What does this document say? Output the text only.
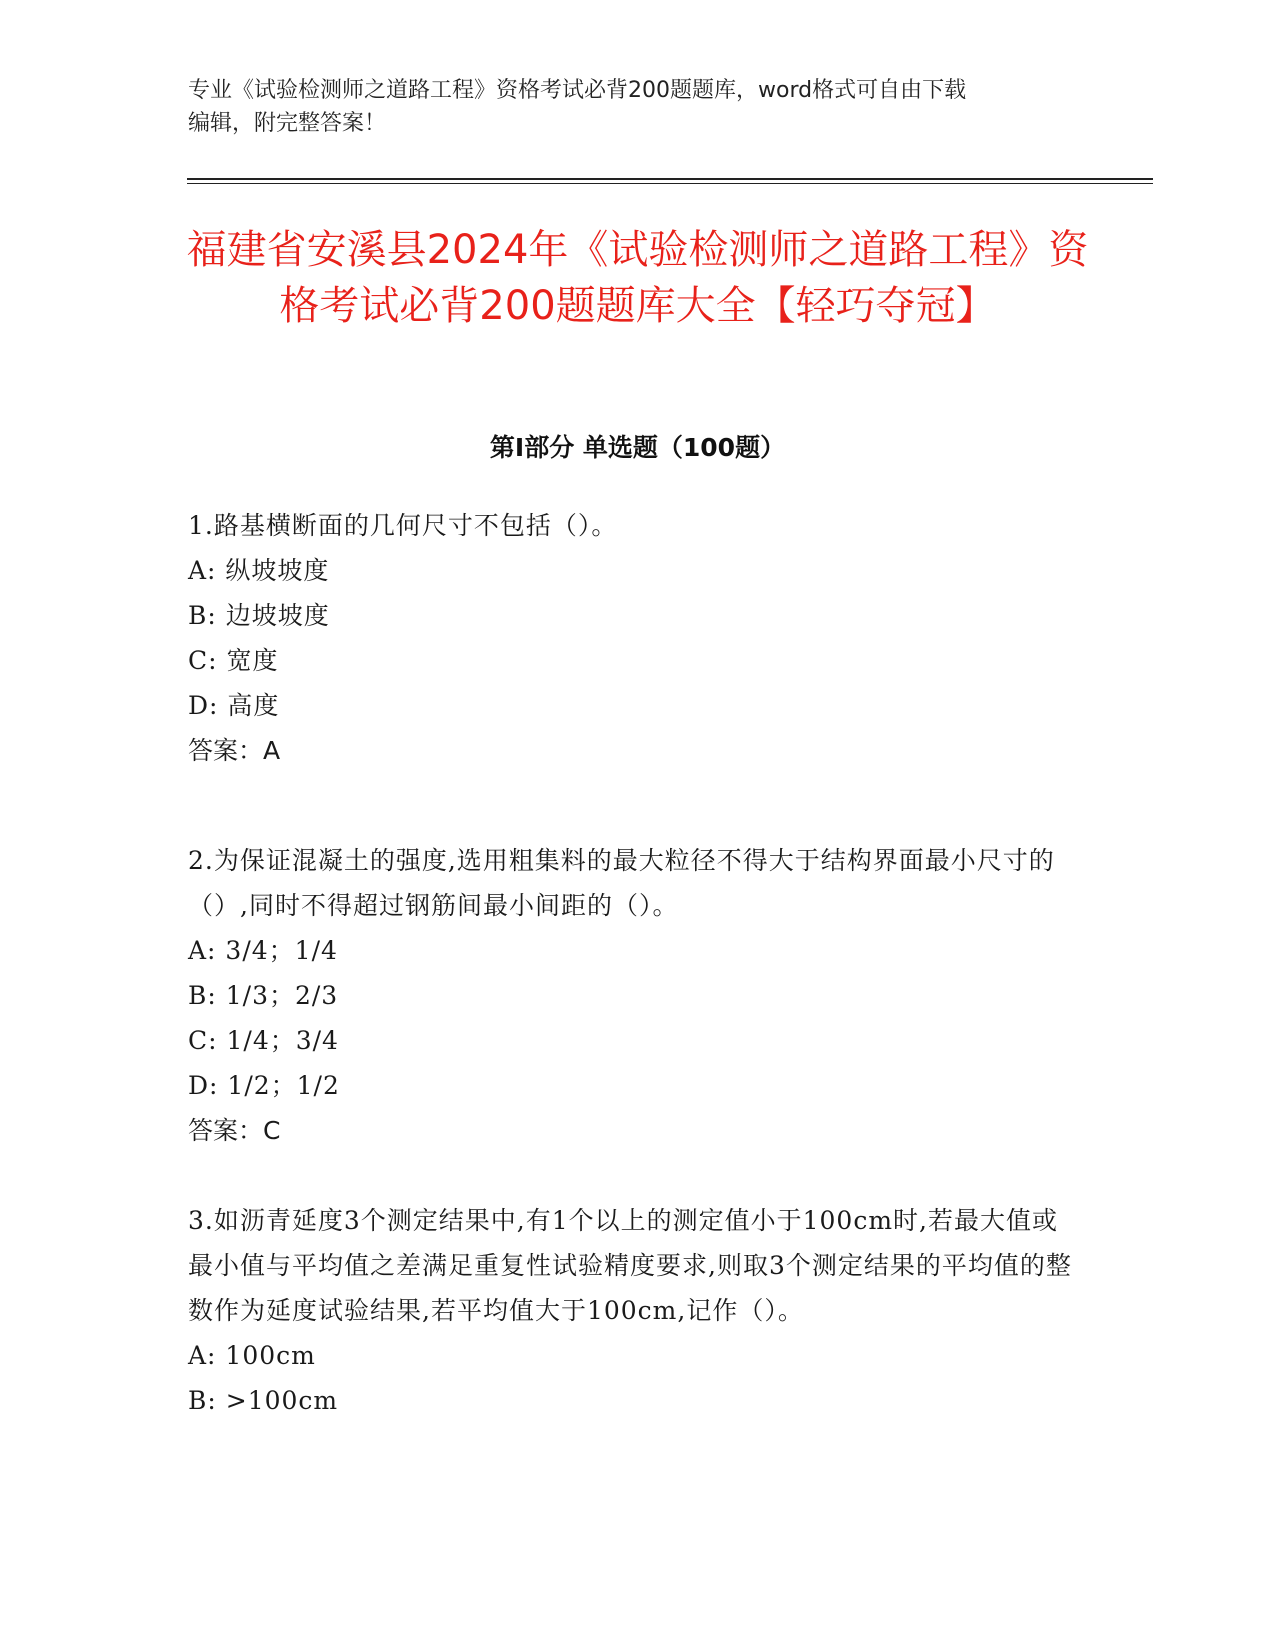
专业《试验检测师之道路工程》资格考试必背200题题库，word格式可自由下载

编辑，附完整答案！

福建省安溪县2024年《试验检测师之道路工程》资格考试必背200题题库大全【轻巧夺冠】
第I部分 单选题（100题）

1.路基横断面的几何尺寸不包括（）。

A: 纵坡坡度

B: 边坡坡度

C: 宽度

D: 高度

答案：A

2.为保证混凝土的强度,选用粗集料的最大粒径不得大于结构界面最小尺寸的（）,同时不得超过钢筋间最小间距的（）。

A: 3/4；1/4

B: 1/3；2/3

C: 1/4；3/4

D: 1/2；1/2

答案：C

3.如沥青延度3个测定结果中,有1个以上的测定值小于100cm时,若最大值或最小值与平均值之差满足重复性试验精度要求,则取3个测定结果的平均值的整数作为延度试验结果,若平均值大于100cm,记作（）。

A: 100cm

B: >100cm
